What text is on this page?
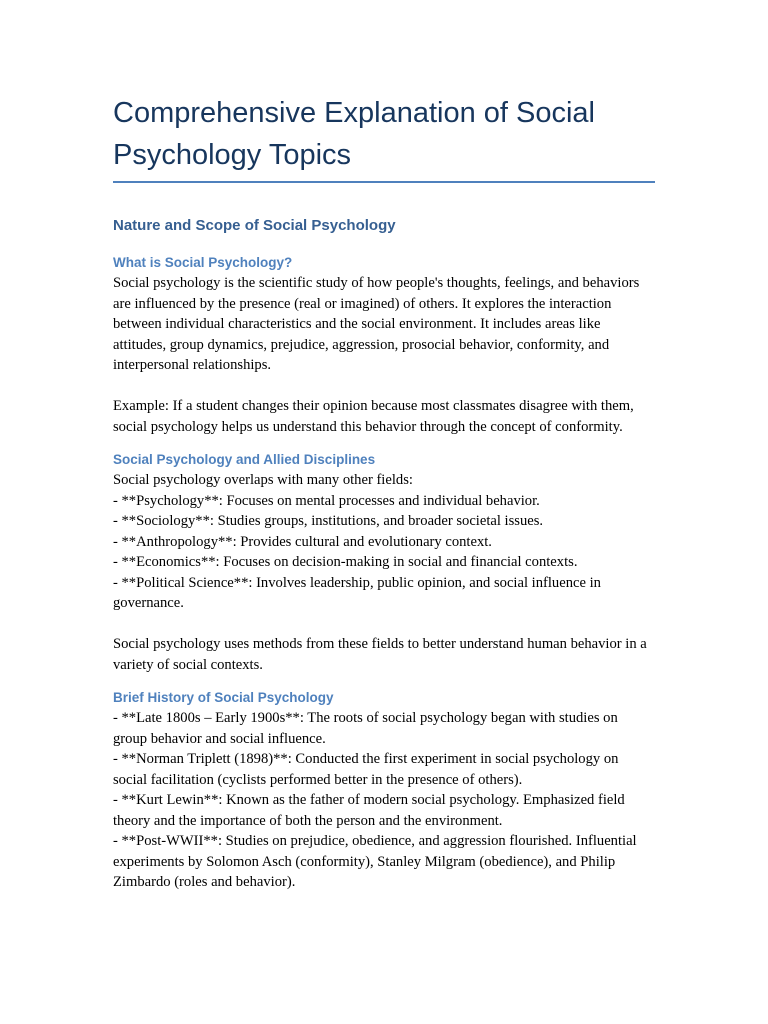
Comprehensive Explanation of Social Psychology Topics
Nature and Scope of Social Psychology
What is Social Psychology?

Social psychology is the scientific study of how people's thoughts, feelings, and behaviors are influenced by the presence (real or imagined) of others. It explores the interaction between individual characteristics and the social environment. It includes areas like attitudes, group dynamics, prejudice, aggression, prosocial behavior, conformity, and interpersonal relationships.

Example: If a student changes their opinion because most classmates disagree with them, social psychology helps us understand this behavior through the concept of conformity.

Social Psychology and Allied Disciplines

Social psychology overlaps with many other fields:

- **Psychology**: Focuses on mental processes and individual behavior.

- **Sociology**: Studies groups, institutions, and broader societal issues.

- **Anthropology**: Provides cultural and evolutionary context.

- **Economics**: Focuses on decision-making in social and financial contexts.

- **Political Science**: Involves leadership, public opinion, and social influence in governance.

Social psychology uses methods from these fields to better understand human behavior in a variety of social contexts.

Brief History of Social Psychology

- **Late 1800s – Early 1900s**: The roots of social psychology began with studies on group behavior and social influence.

- **Norman Triplett (1898)**: Conducted the first experiment in social psychology on social facilitation (cyclists performed better in the presence of others).

- **Kurt Lewin**: Known as the father of modern social psychology. Emphasized field theory and the importance of both the person and the environment.

- **Post-WWII**: Studies on prejudice, obedience, and aggression flourished. Influential experiments by Solomon Asch (conformity), Stanley Milgram (obedience), and Philip Zimbardo (roles and behavior).
